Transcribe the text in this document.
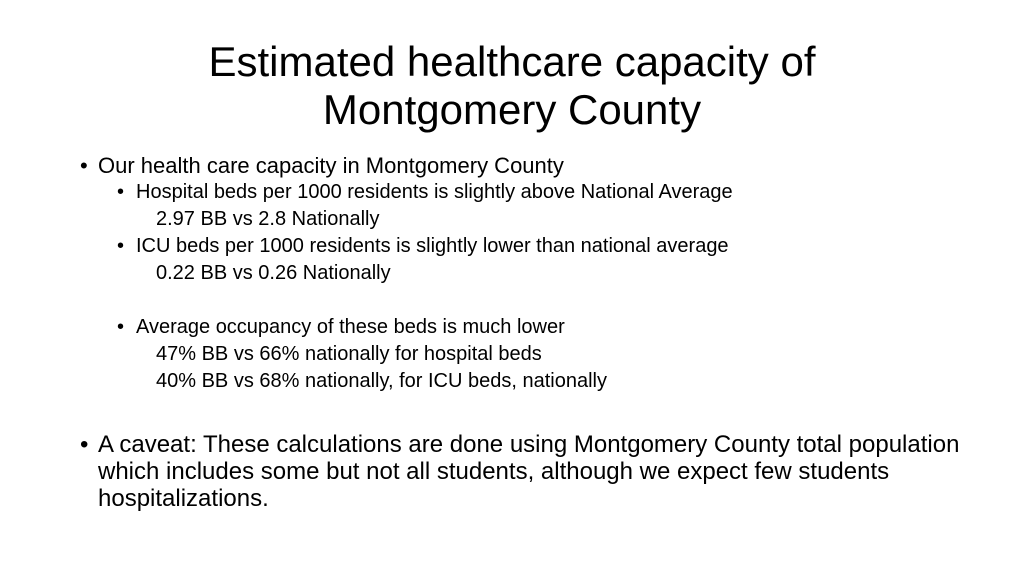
Estimated healthcare capacity of
Montgomery County
• Our health care capacity in Montgomery County
• Hospital beds per 1000 residents is slightly above National Average
2.97 BB vs 2.8 Nationally
• ICU beds per 1000 residents is slightly lower than national average
0.22 BB vs 0.26 Nationally
• Average occupancy of these beds is much lower
47% BB vs 66% nationally for hospital beds
40% BB vs 68% nationally, for ICU beds, nationally
• A caveat: These calculations are done using Montgomery County total population which includes some but not all students, although we expect few students hospitalizations.
